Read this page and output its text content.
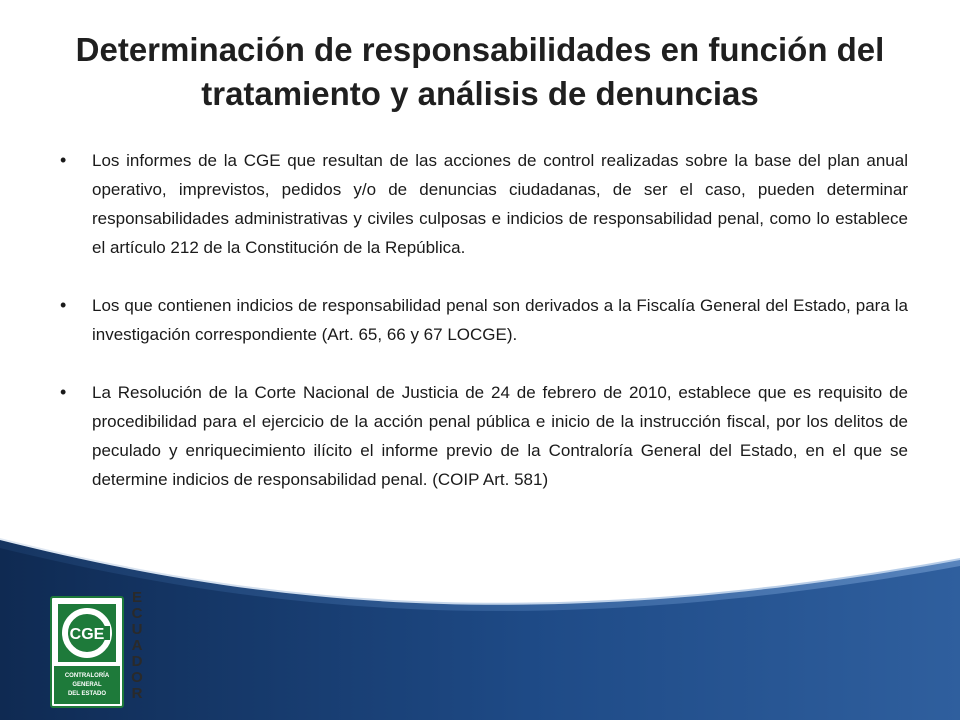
Determinación de responsabilidades en función del tratamiento y análisis de denuncias
• Los informes de la CGE que resultan de las acciones de control realizadas sobre la base del plan anual operativo, imprevistos, pedidos y/o de denuncias ciudadanas, de ser el caso, pueden determinar responsabilidades administrativas y civiles culposas e indicios de responsabilidad penal, como lo establece el artículo 212 de la Constitución de la República.
• Los que contienen indicios de responsabilidad penal son derivados a la Fiscalía General del Estado, para la investigación correspondiente (Art. 65, 66 y 67 LOCGE).
• La Resolución de la Corte Nacional de Justicia de 24 de febrero de 2010, establece que es requisito de procedibilidad para el ejercicio de la acción penal pública e inicio de la instrucción fiscal, por los delitos de peculado y enriquecimiento ilícito el informe previo de la Contraloría General del Estado, en el que se determine indicios de responsabilidad penal. (COIP Art. 581)
CGE
CONTRALORÍA
GENERAL
DEL ESTADO
E
C
U
A
D
O
R
